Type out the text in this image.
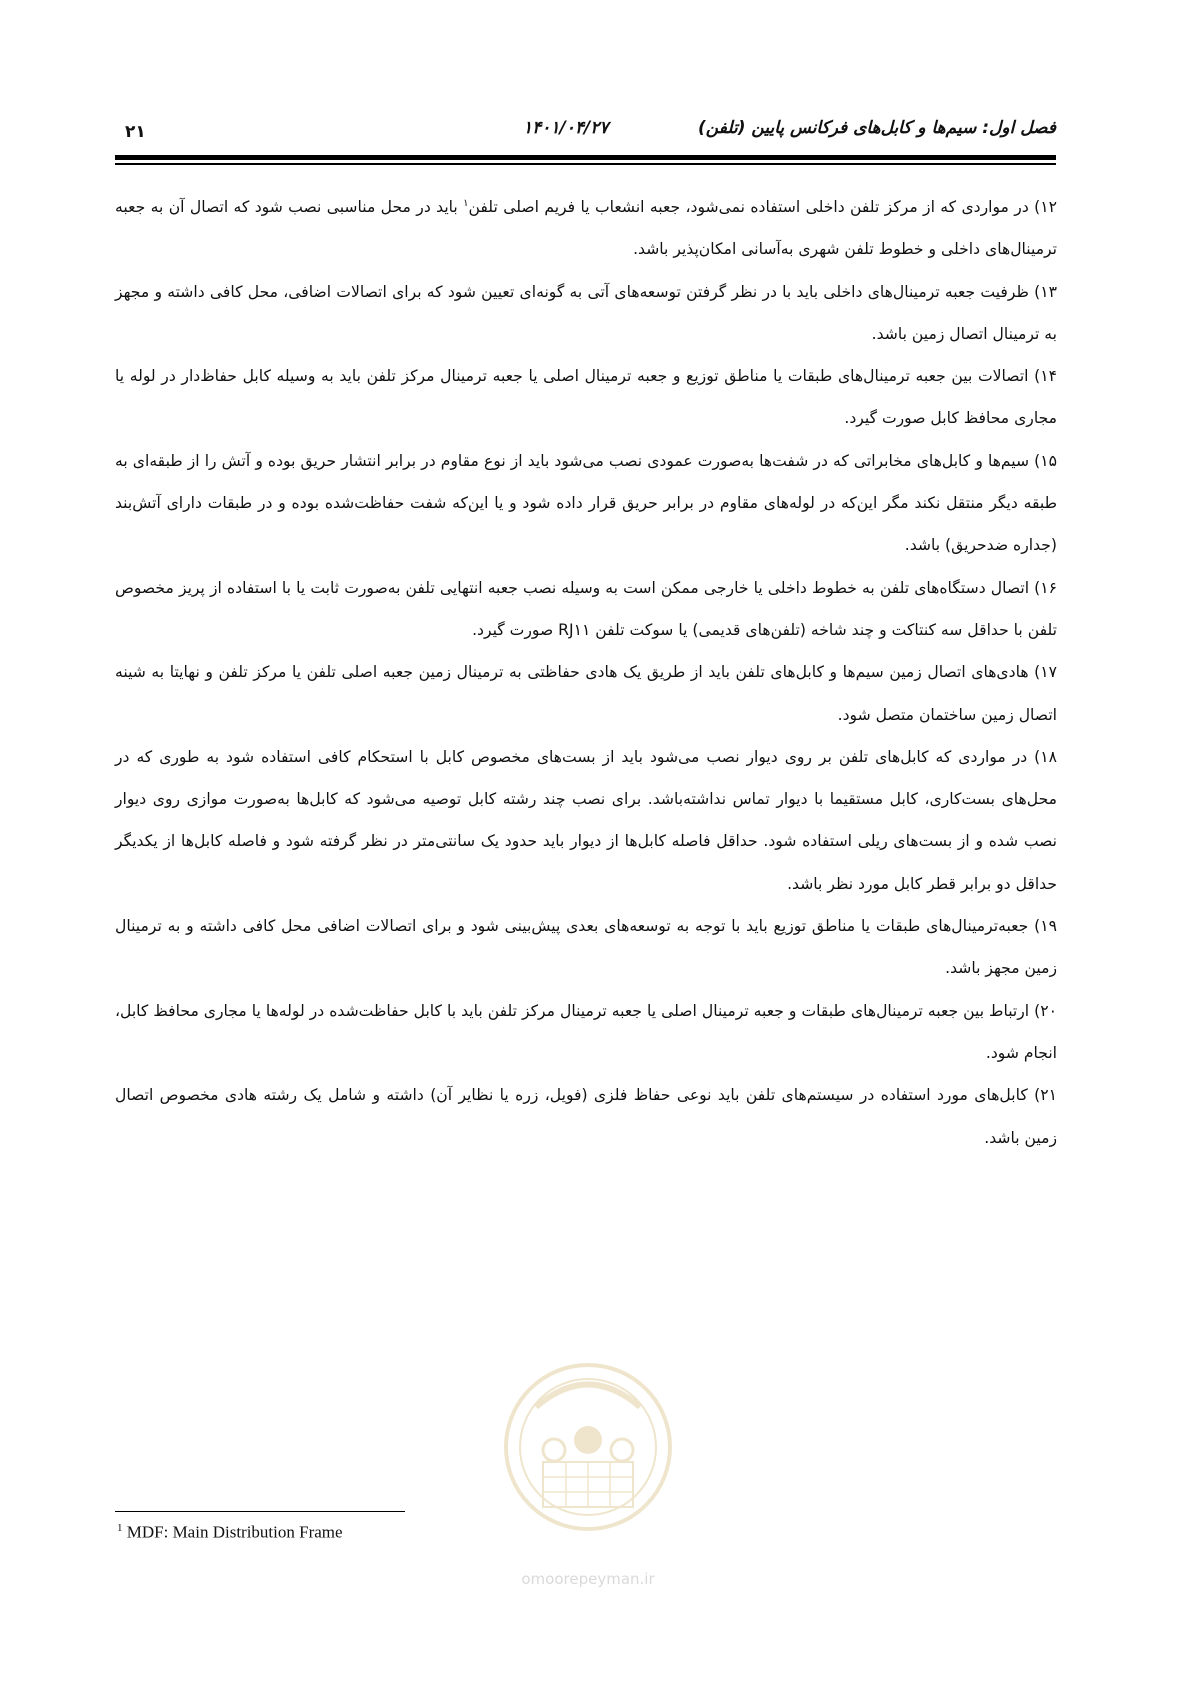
فصل اول: سیم‌ها و کابل‌های فرکانس پایین (تلفن)
۱۴۰۱/۰۴/۲۷
۲۱

۱۲) در مواردی که از مرکز تلفن داخلی استفاده نمی‌شود، جعبه انشعاب یا فریم اصلی تلفن$^۱$ باید در محل مناسبی نصب شود که اتصال آن به جعبه ترمینال‌های داخلی و خطوط تلفن شهری به‌آسانی امکان‌پذیر باشد.

۱۳) ظرفیت جعبه ترمینال‌های داخلی باید با در نظر گرفتن توسعه‌های آتی به گونه‌ای تعیین شود که برای اتصالات اضافی، محل کافی داشته و مجهز به ترمینال اتصال زمین باشد.

۱۴) اتصالات بین جعبه ترمینال‌های طبقات یا مناطق توزیع و جعبه ترمینال اصلی یا جعبه ترمینال مرکز تلفن باید به وسیله کابل حفاظ‌دار در لوله یا مجاری محافظ کابل صورت گیرد.

۱۵) سیم‌ها و کابل‌های مخابراتی که در شفت‌ها به‌صورت عمودی نصب می‌شود باید از نوع مقاوم در برابر انتشار حریق بوده و آتش را از طبقه‌ای به طبقه دیگر منتقل نکند مگر این‌که در لوله‌های مقاوم در برابر حریق قرار داده شود و یا این‌که شفت حفاظت‌شده بوده و در طبقات دارای آتش‌بند (جداره ضدحریق) باشد.

۱۶) اتصال دستگاه‌های تلفن به خطوط داخلی یا خارجی ممکن است به وسیله نصب جعبه انتهایی تلفن به‌صورت ثابت یا با استفاده از پریز مخصوص تلفن با حداقل سه کنتاکت و چند شاخه (تلفن‌های قدیمی) یا سوکت تلفن RJ۱۱ صورت گیرد.

۱۷) هادی‌های اتصال زمین سیم‌ها و کابل‌های تلفن باید از طریق یک هادی حفاظتی به ترمینال زمین جعبه اصلی تلفن یا مرکز تلفن و نهایتا به شینه اتصال زمین ساختمان متصل شود.

۱۸) در مواردی که کابل‌های تلفن بر روی دیوار نصب می‌شود باید از بست‌های مخصوص کابل با استحکام کافی استفاده شود به طوری که در محل‌های بست‌کاری، کابل مستقیما با دیوار تماس نداشته‌باشد. برای نصب چند رشته کابل توصیه می‌شود که کابل‌ها به‌صورت موازی روی دیوار نصب شده و از بست‌های ریلی استفاده شود. حداقل فاصله کابل‌ها از دیوار باید حدود یک سانتی‌متر در نظر گرفته شود و فاصله کابل‌ها از یکدیگر حداقل دو برابر قطر کابل مورد نظر باشد.

۱۹) جعبه‌ترمینال‌های طبقات یا مناطق توزیع باید با توجه به توسعه‌های بعدی پیش‌بینی شود و برای اتصالات اضافی محل کافی داشته و به ترمینال زمین مجهز باشد.

۲۰) ارتباط بین جعبه ترمینال‌های طبقات و جعبه ترمینال اصلی یا جعبه ترمینال مرکز تلفن باید با کابل حفاظت‌شده در لوله‌ها یا مجاری محافظ کابل، انجام شود.

۲۱) کابل‌های مورد استفاده در سیستم‌های تلفن باید نوعی حفاظ فلزی (فویل، زره یا نظایر آن) داشته و شامل یک رشته هادی مخصوص اتصال زمین باشد.

omoorepeyman.ir
$^1$ MDF: Main Distribution Frame
